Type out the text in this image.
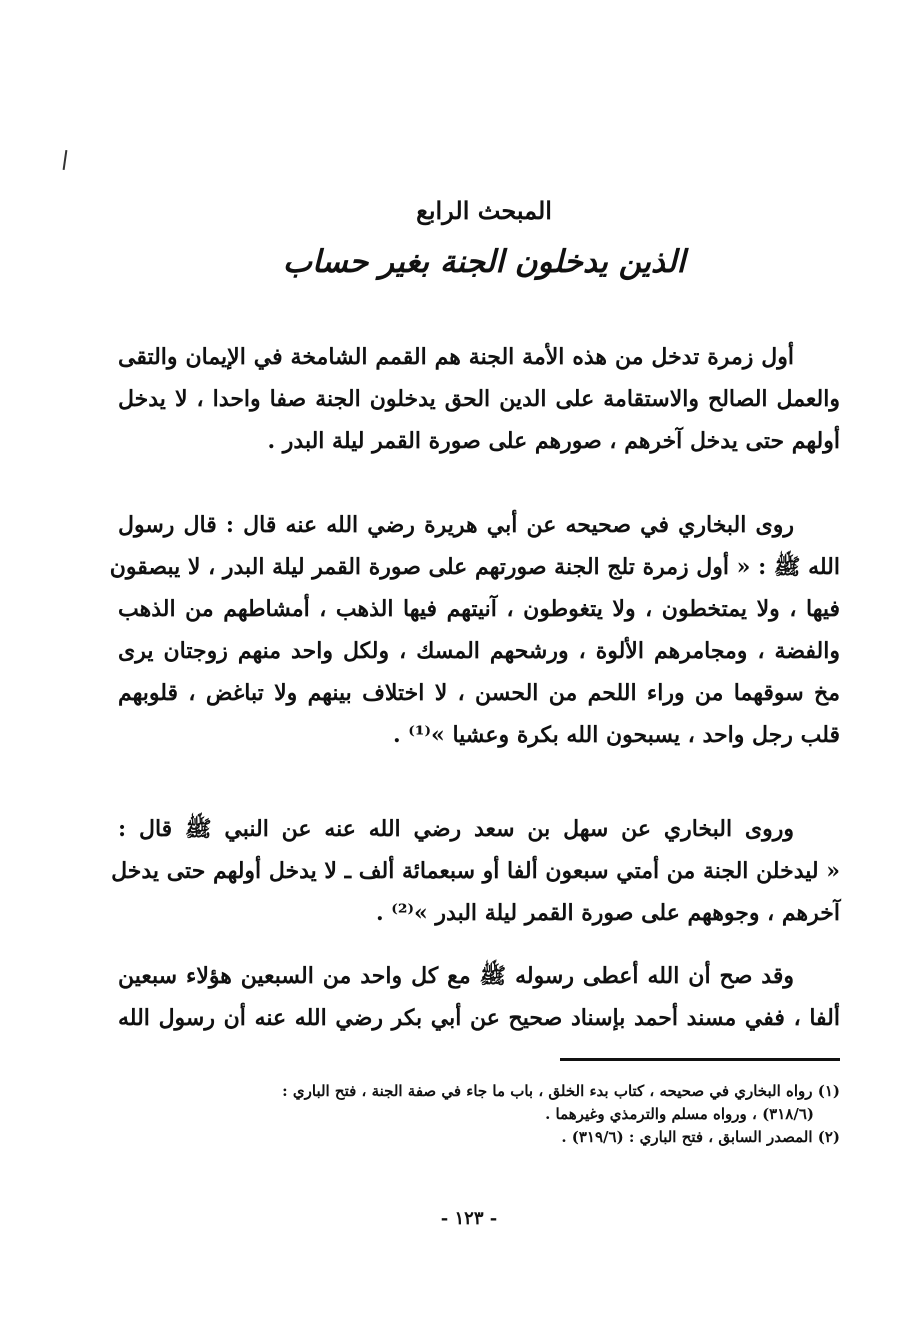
المبحث الرابع
الذين يدخلون الجنة بغير حساب
أول زمرة تدخل من هذه الأمة الجنة هم القمم الشامخة في الإيمان والتقى
والعمل الصالح والاستقامة على الدين الحق يدخلون الجنة صفا واحدا ، لا يدخل
أولهم حتى يدخل آخرهم ، صورهم على صورة القمر ليلة البدر .
روى البخاري في صحيحه عن أبي هريرة رضي الله عنه قال : قال رسول
الله ﷺ : « أول زمرة تلج الجنة صورتهم على صورة القمر ليلة البدر ، لا يبصقون
فيها ، ولا يمتخطون ، ولا يتغوطون ، آنيتهم فيها الذهب ، أمشاطهم من الذهب
والفضة ، ومجامرهم الألوة ، ورشحهم المسك ، ولكل واحد منهم زوجتان يرى
مخ سوقهما من وراء اللحم من الحسن ، لا اختلاف بينهم ولا تباغض ، قلوبهم
قلب رجل واحد ، يسبحون الله بكرة وعشيا »⁽¹⁾ .
وروى البخاري عن سهل بن سعد رضي الله عنه عن النبي ﷺ قال :
« ليدخلن الجنة من أمتي سبعون ألفا أو سبعمائة ألف ـ لا يدخل أولهم حتى يدخل
آخرهم ، وجوههم على صورة القمر ليلة البدر »⁽²⁾ .
وقد صح أن الله أعطى رسوله ﷺ مع كل واحد من السبعين هؤلاء سبعين
ألفا ، ففي مسند أحمد بإسناد صحيح عن أبي بكر رضي الله عنه أن رسول الله
(١) رواه البخاري في صحيحه ، كتاب بدء الخلق ، باب ما جاء في صفة الجنة ، فتح الباري :
(٣١٨/٦) ، ورواه مسلم والترمذي وغيرهما .
(٢) المصدر السابق ، فتح الباري : (٣١٩/٦) .
- ١٢٣ -
